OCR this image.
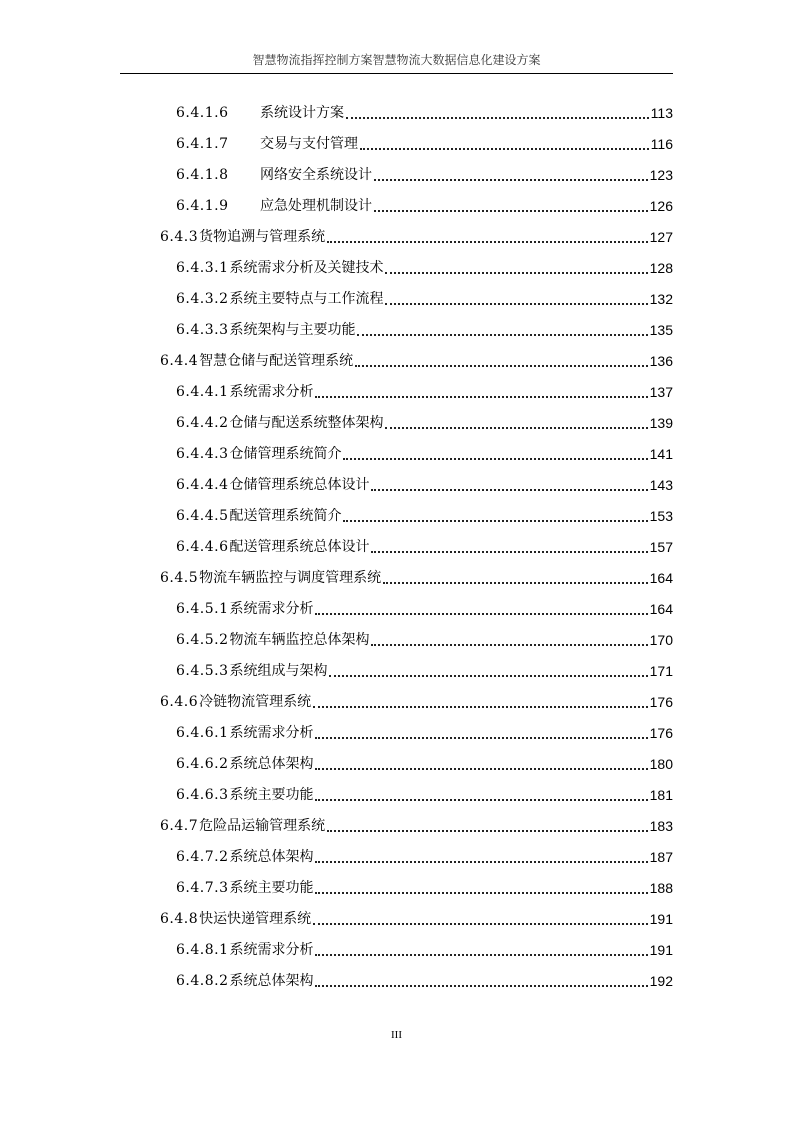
智慧物流指挥控制方案智慧物流大数据信息化建设方案
6.4.1.6	系统设计方案	113
6.4.1.7	交易与支付管理	116
6.4.1.8	网络安全系统设计	123
6.4.1.9	应急处理机制设计	126
6.4.3 货物追溯与管理系统	127
6.4.3.1 系统需求分析及关键技术	128
6.4.3.2 系统主要特点与工作流程	132
6.4.3.3 系统架构与主要功能	135
6.4.4 智慧仓储与配送管理系统	136
6.4.4.1 系统需求分析	137
6.4.4.2 仓储与配送系统整体架构	139
6.4.4.3 仓储管理系统简介	141
6.4.4.4 仓储管理系统总体设计	143
6.4.4.5 配送管理系统简介	153
6.4.4.6 配送管理系统总体设计	157
6.4.5 物流车辆监控与调度管理系统	164
6.4.5.1 系统需求分析	164
6.4.5.2 物流车辆监控总体架构	170
6.4.5.3 系统组成与架构	171
6.4.6 冷链物流管理系统	176
6.4.6.1 系统需求分析	176
6.4.6.2 系统总体架构	180
6.4.6.3 系统主要功能	181
6.4.7 危险品运输管理系统	183
6.4.7.2 系统总体架构	187
6.4.7.3 系统主要功能	188
6.4.8 快运快递管理系统	191
6.4.8.1 系统需求分析	191
6.4.8.2 系统总体架构	192
III
